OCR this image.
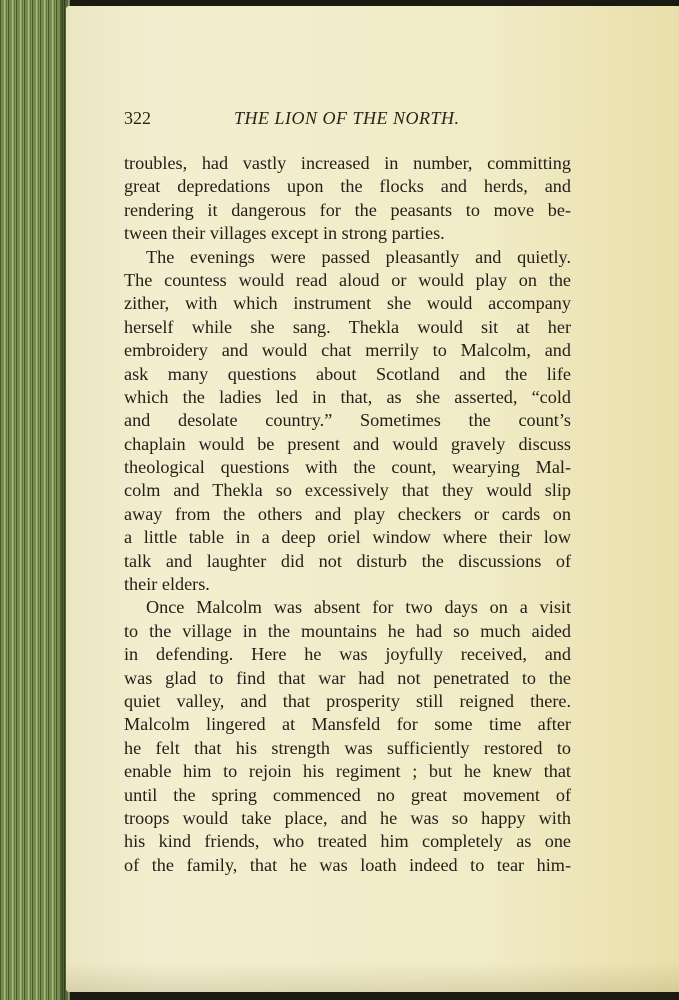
322	THE LION OF THE NORTH.
troubles, had vastly increased in number, committing
great depredations upon the flocks and herds, and
rendering it dangerous for the peasants to move be-
tween their villages except in strong parties.
The evenings were passed pleasantly and quietly.
The countess would read aloud or would play on the
zither, with which instrument she would accompany
herself while she sang. Thekla would sit at her
embroidery and would chat merrily to Malcolm, and
ask many questions about Scotland and the life
which the ladies led in that, as she asserted, “cold
and desolate country.” Sometimes the count’s
chaplain would be present and would gravely discuss
theological questions with the count, wearying Mal-
colm and Thekla so excessively that they would slip
away from the others and play checkers or cards on
a little table in a deep oriel window where their low
talk and laughter did not disturb the discussions of
their elders.
Once Malcolm was absent for two days on a visit
to the village in the mountains he had so much aided
in defending. Here he was joyfully received, and
was glad to find that war had not penetrated to the
quiet valley, and that prosperity still reigned there.
Malcolm lingered at Mansfeld for some time after
he felt that his strength was sufficiently restored to
enable him to rejoin his regiment ; but he knew that
until the spring commenced no great movement of
troops would take place, and he was so happy with
his kind friends, who treated him completely as one
of the family, that he was loath indeed to tear him-
